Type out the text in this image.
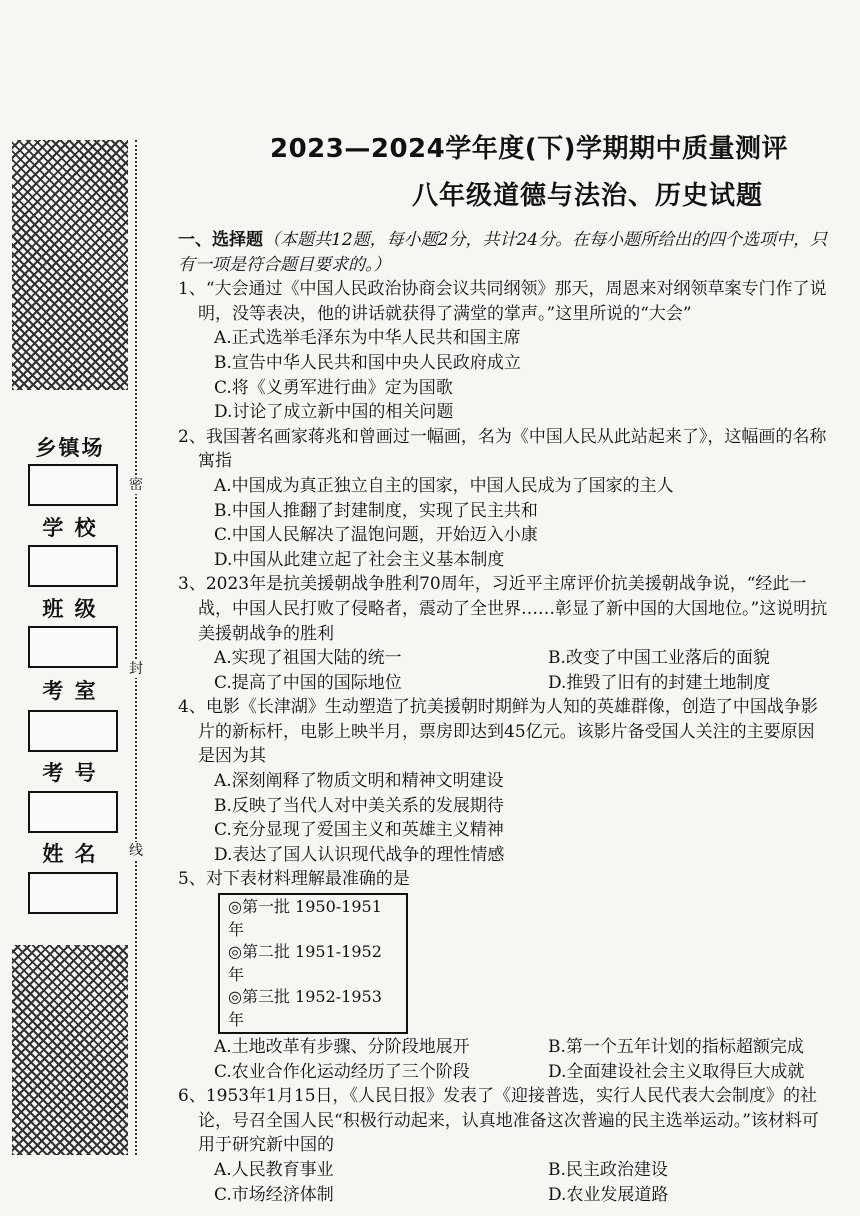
密
封
线
乡镇场
学 校
班 级
考 室
考 号
姓 名
2023—2024学年度(下)学期期中质量测评
八年级道德与法治、历史试题
一、选择题（本题共12题，每小题2分，共计24分。在每小题所给出的四个选项中，只有一项是符合题目要求的。）
1、“大会通过《中国人民政治协商会议共同纲领》那天，周恩来对纲领草案专门作了说明，没等表决，他的讲话就获得了满堂的掌声。”这里所说的“大会”
A.正式选举毛泽东为中华人民共和国主席
B.宣告中华人民共和国中央人民政府成立
C.将《义勇军进行曲》定为国歌
D.讨论了成立新中国的相关问题
2、我国著名画家蒋兆和曾画过一幅画，名为《中国人民从此站起来了》，这幅画的名称寓指
A.中国成为真正独立自主的国家，中国人民成为了国家的主人
B.中国人推翻了封建制度，实现了民主共和
C.中国人民解决了温饱问题，开始迈入小康
D.中国从此建立起了社会主义基本制度
3、2023年是抗美援朝战争胜利70周年，习近平主席评价抗美援朝战争说，“经此一战，中国人民打败了侵略者，震动了全世界……彰显了新中国的大国地位。”这说明抗美援朝战争的胜利
A.实现了祖国大陆的统一	B.改变了中国工业落后的面貌
C.提高了中国的国际地位	D.推毁了旧有的封建土地制度
4、电影《长津湖》生动塑造了抗美援朝时期鲜为人知的英雄群像，创造了中国战争影片的新标杆，电影上映半月，票房即达到45亿元。该影片备受国人关注的主要原因是因为其
A.深刻阐释了物质文明和精神文明建设
B.反映了当代人对中美关系的发展期待
C.充分显现了爱国主义和英雄主义精神
D.表达了国人认识现代战争的理性情感
5、对下表材料理解最准确的是
◎第一批 1950-1951 年
◎第二批 1951-1952 年
◎第三批 1952-1953 年
A.土地改革有步骤、分阶段地展开	B.第一个五年计划的指标超额完成
C.农业合作化运动经历了三个阶段	D.全面建设社会主义取得巨大成就
6、1953年1月15日，《人民日报》发表了《迎接普选，实行人民代表大会制度》的社论，号召全国人民“积极行动起来，认真地准备这次普遍的民主选举运动。”该材料可用于研究新中国的
A.人民教育事业	B.民主政治建设
C.市场经济体制	D.农业发展道路
